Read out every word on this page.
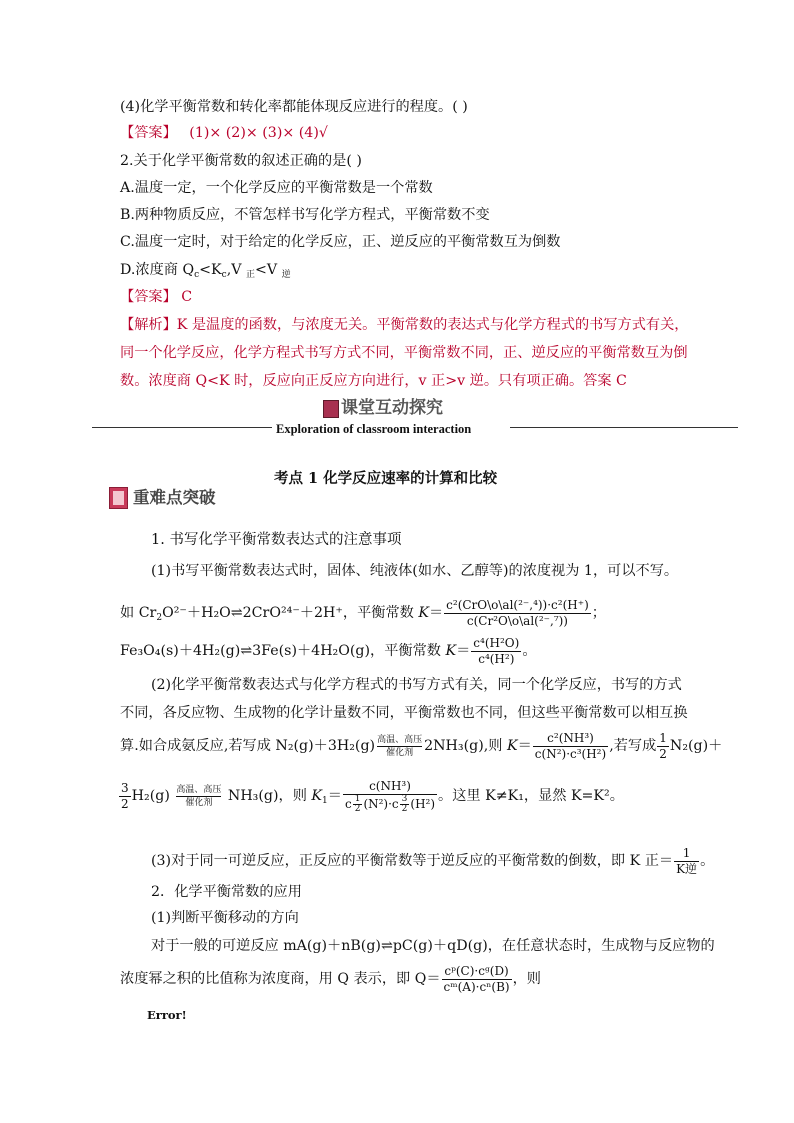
(4)化学平衡常数和转化率都能体现反应进行的程度。( )
【答案】 (1)× (2)× (3)× (4)√
2.关于化学平衡常数的叙述正确的是( )
A.温度一定，一个化学反应的平衡常数是一个常数
B.两种物质反应，不管怎样书写化学方程式，平衡常数不变
C.温度一定时，对于给定的化学反应，正、逆反应的平衡常数互为倒数
D.浓度商 $Q_c<K_c,V$ $_正$<V $_逆$
【答案】 C
【解析】K 是温度的函数，与浓度无关。平衡常数的表达式与化学方程式的书写方式有关，
同一个化学反应，化学方程式书写方式不同，平衡常数不同，正、逆反应的平衡常数互为倒
数。浓度商 Q<K 时，反应向正反应方向进行，v 正>v 逆。只有项正确。答案 C
课堂互动探究
Exploration of classroom interaction
考点 1 化学反应速率的计算和比较
重难点突破
1. 书写化学平衡常数表达式的注意事项
(1)书写平衡常数表达式时，固体、纯液体(如水、乙醇等)的浓度视为 1，可以不写。
如 $Cr_2O^{2-}+H_2O\rightleftharpoons 2CrO^{24-}+2H^+$，平衡常数 $K= \frac{\text{c²(CrO\textbackslash{}o\textbackslash{}al(²⁻,⁴))·c²(H⁺)}}{\text{c(Cr²O\textbackslash{}o\textbackslash{}al(²⁻,⁷))}}$ ；
Fe₃O₄(s)＋4H₂(g)⇌3Fe(s)＋4H₂O(g)，平衡常数 $K= \frac{\text{c⁴(H²O)}}{\text{c⁴(H²)}}$ 。
(2)化学平衡常数表达式与化学方程式的书写方式有关，同一个化学反应，书写的方式
不同，各反应物、生成物的化学计量数不同，平衡常数也不同，但这些平衡常数可以相互换
算.如合成氨反应,若写成 N₂(g)＋3H₂(g) 高温、高压
催化剂 2NH₃(g),则 $K= \frac{\text{c²(NH³)}}{\text{c(N²)·c³(H²)}}$ ,若写成 $\frac{1}{2} N_2(g)+$
$\frac{3}{2} H_2(g)$ 高温、高压
催化剂 NH₃(g)，则 $K_1= \frac{\text{c(NH³)}}{c \frac{1}{2} (N^2)\cdot c \frac{3}{2} (H^2)}$ 。这里 K≠K₁，显然 K=K²。
(3)对于同一可逆反应，正反应的平衡常数等于逆反应的平衡常数的倒数，即 K 正＝ $\frac{1}{\text{K逆}}$ 。
2．化学平衡常数的应用
(1)判断平衡移动的方向
对于一般的可逆反应 mA(g)＋nB(g)⇌pC(g)＋qD(g)，在任意状态时，生成物与反应物的
浓度幂之积的比值称为浓度商，用 Q 表示，即 $Q= \frac{\text{cᵖ(C)·cᵍ(D)}}{\text{cᵐ(A)·cⁿ(B)}}$ ，则
Error!
